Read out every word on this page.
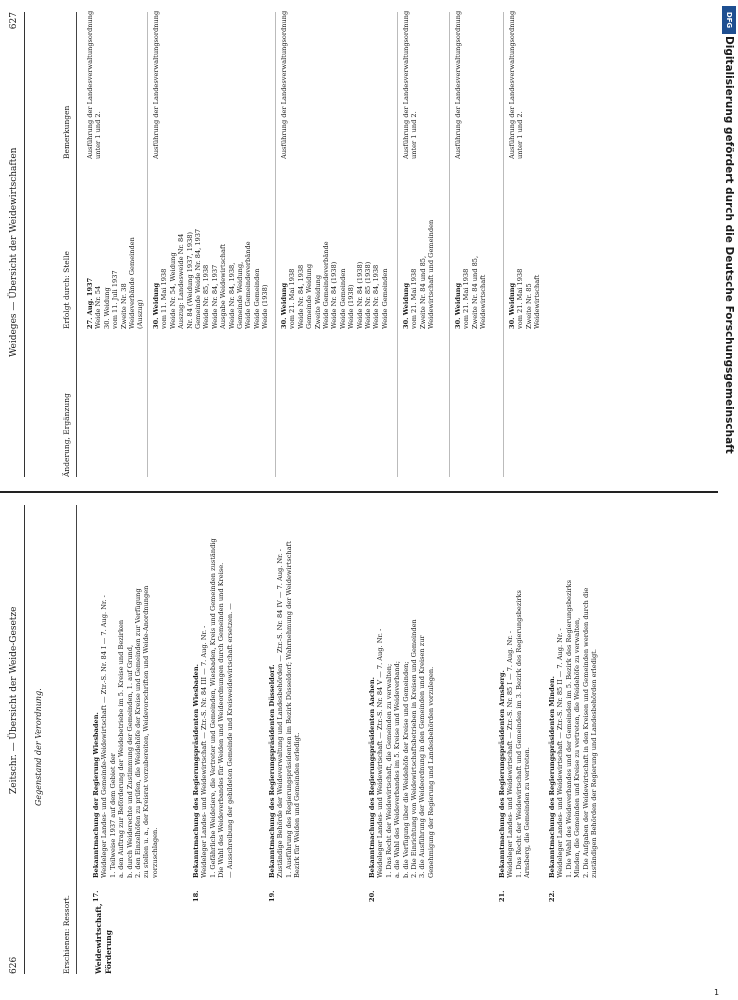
626
Zeitschr. — Übersicht der Weide-Gesetze Gegenstand der Verordnung.
Erschienen: Ressort.	Weidewirtschaft, Förderung
17.
Bekanntmachung der Regierung Wiesbaden. Weideleger Landes- und Gemeinde-Weidewirtschaft — Ztr.-S. Nr. 84 I — 7. Aug. Nr. - 1. Teilweise 1937 auf dem Gebiet der a. den Auftrag zur Beförderung der Weidebetriebe im 5. Kreise und Bezirken b. durch Weiderechte und Zustimmung der Gemeinden, 1. auf Grund, 2. den Einzelhöfen zu prüfen, die Weidehöfe der Kreise und Gemeinden zur Verfügung zu stellen u. a., der Kreisrat vorzubereiten, Weidevorschriften und Weide-Anordnungen vorzuschlagen.
18.
Bekanntmachung des Regierungspräsidenten Wiesbaden. Weideleger Landes- und Weidewirtschaft — Ztr.-S. Nr. 84 III — 7. Aug. Nr. - 1. Gefährliche Weidetiere, die Vertreter und Gemeinden, Wiesbaden, Kreis und Gemeinden zuständig Die Wahl des Weideverbandes für Weiden und Weideordnungen durch Gemeinden und Kreise. — Ausschreibung der gebildeten Gemeinde und Kreisweidewirtschaft ersetzen. —
19.
Bekanntmachung des Regierungspräsidenten Düsseldorf. Zuständige Behörde der Weideverwaltung und Landesbehörden — Ztr.-S. Nr. 84 IV — 7. Aug. Nr. - 1. Ausführung des Regierungspräsidenten im Bezirk Düsseldorf; Wahrnehmung der Weidewirtschaft Bezirk für Weiden und Gemeinden erledigt.
20.
Bekanntmachung des Regierungspräsidenten Aachen. Weideleger Landes- und Weidewirtschaft — Ztr.-S. Nr. 84 V — 7. Aug. Nr. - 1. Das Recht der Weidewirtschaft, die Gemeinden zu verwalten; a. die Wahl des Weideverbandes im 5. Kreise und Weideverband; b. die Verfügung über die Weidehöfe der Kreise und Gemeinden; 2. Die Einrichtung von Weidewirtschaftsbetrieben in Kreisen und Gemeinden 3. die Ausführung der Weideordnung in den Gemeinden und Kreisen zur Genehmigung der Regierung und Landesbehörden vorzulegen.
21.
Bekanntmachung des Regierungspräsidenten Arnsberg. Weideleger Landes- und Weidewirtschaft — Ztr.-S. Nr. 85 I — 7. Aug. Nr. - 1. Das Recht der Weidewirtschaft und Gemeinden im 3. Bezirk des Regierungsbezirks Arnsberg, die Gemeinden zu vertreten.
22.
Bekanntmachung des Regierungspräsidenten Minden. Weideleger Landes- und Weidewirtschaft — Ztr.-S. Nr. 85 II — 7. Aug. Nr. - 1. Die Wahl des Weideverbandes und der Gemeinden im 5. Bezirk des Regierungsbezirks Minden, die Gemeinden und Kreise zu vertreten, die Weidehöfe zu verwalten, 2. Die Aufgaben der Weidewirtschaft in den Kreisen und Gemeinden werden durch die zuständigen Behörden der Regierung und Landesbehörden erledigt.
Weideges — Übersicht der Weidewirtschaften
627
Änderung, Ergänzung
Erfolgt durch: Stelle
Bemerkungen
27. Aug. 1937 Weide Nr. 54 30. Weidung vom 11. Juli 1937 Zweite Nr. 38 Weideverbände Gemeinden (Auszug)
Ausführung der Landesverwaltungsordnung unter 1 und 2.
30. Weidung vom 11. Mai 1938 Weide Nr. 54, Weidung Auszug: Landesweide Nr. 84 Nr. 84 (Weidung 1937, 1938) Gemeinde Weide Nr. 84, 1937 Weide Nr. 85, 1938 Weide Nr. 84, 1937 Ausgabe Weidewirtschaft Weide Nr. 84, 1938, Gemeinde Weidung, Weide Gemeindeverbände Weide Gemeinden Weide (1938)
Ausführung der Landesverwaltungsordnung
30. Weidung vom 21. Mai 1938 Weide Nr. 84, 1938 Gemeinde Weidung Zweite Weidung Weide Gemeindeverbände Weide Nr. 84 (1938) Weide Gemeinden Weide (1938) Weide Nr. 84 (1938) Weide Nr. 85 (1938) Weide Nr. 84, 1938 Weide Gemeinden
Ausführung der Landesverwaltungsordnung
30. Weidung vom 21. Mai 1938 Zweite Nr. 84 und 85, Weidewirtschaft und Gemeinden
Ausführung der Landesverwaltungsordnung unter 1 und 2.
30. Weidung vom 21. Mai 1938 Zweite Nr. 84 und 85, Weidewirtschaft
Ausführung der Landesverwaltungsordnung
30. Weidung vom 21. Mai 1938 Zweite Nr. 85 Weidewirtschaft
Ausführung der Landesverwaltungsordnung unter 1 und 2.
DFG
Digitalisierung gefördert durch die Deutsche Forschungsgemeinschaft
1
